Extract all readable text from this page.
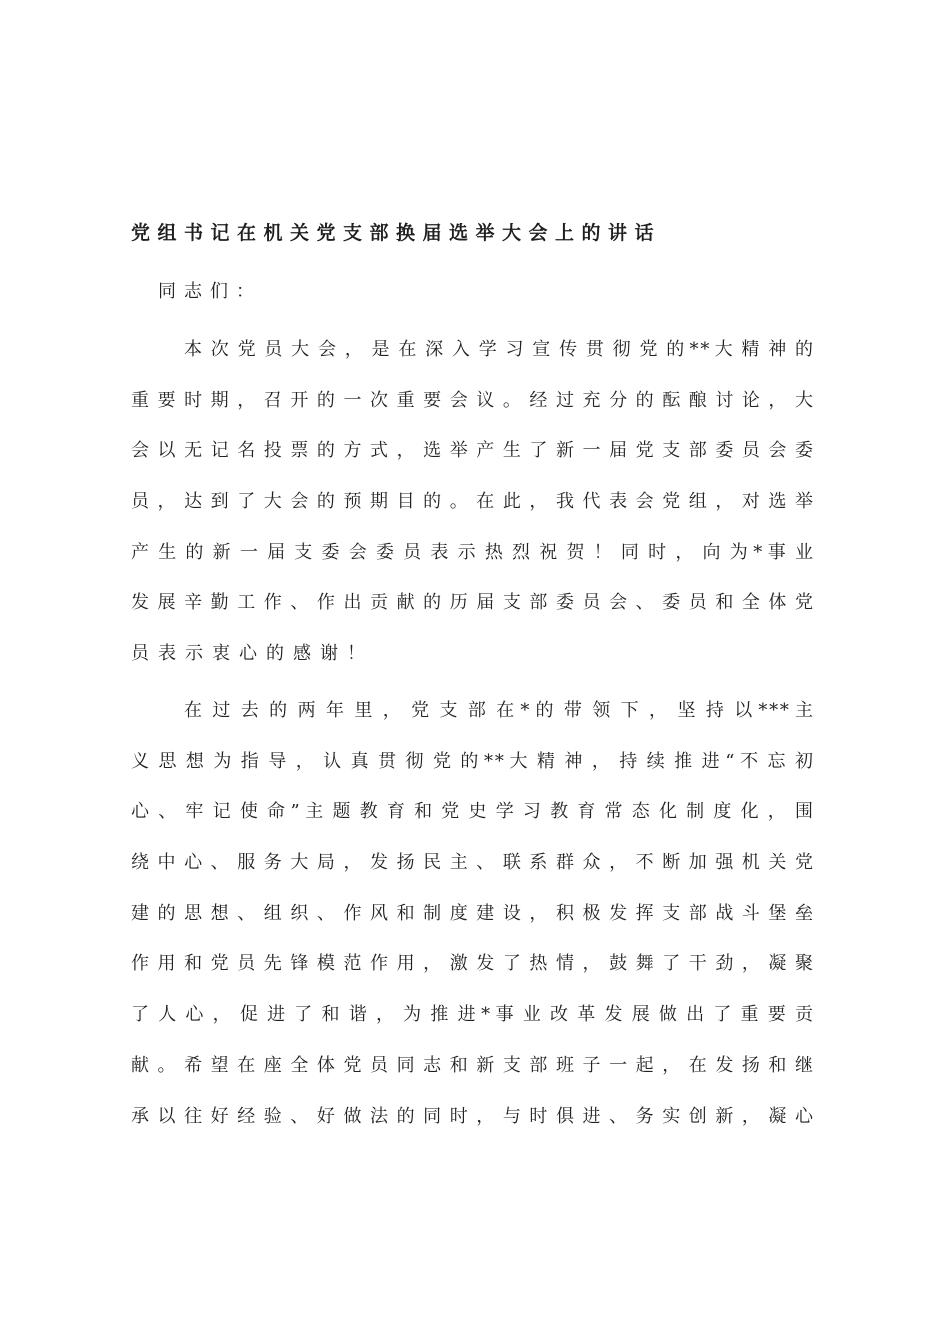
党组书记在机关党支部换届选举大会上的讲话
同志们：
本 次 党 员 大 会 ， 是 在 深 入 学 习 宣 传 贯 彻 党 的 * * 大 精 神 的
重 要 时 期 ， 召 开 的 一 次 重 要 会 议 。 经 过 充 分 的 酝 酿 讨 论 ， 大
会 以 无 记 名 投 票 的 方 式 ， 选 举 产 生 了 新 一 届 党 支 部 委 员 会 委
员 ， 达 到 了 大 会 的 预 期 目 的 。 在 此 ， 我 代 表 会 党 组 ， 对 选 举
产 生 的 新 一 届 支 委 会 委 员 表 示 热 烈 祝 贺 ！ 同 时 ， 向 为 * 事 业
发 展 辛 勤 工 作 、 作 出 贡 献 的 历 届 支 部 委 员 会 、 委 员 和 全 体 党
员表示衷心的感谢！
在 过 去 的 两 年 里 ， 党 支 部 在 * 的 带 领 下 ， 坚 持 以 * * * 主
义 思 想 为 指 导 ， 认 真 贯 彻 党 的 * * 大 精 神 ， 持 续 推 进 “ 不 忘 初
心 、 牢 记 使 命 ” 主 题 教 育 和 党 史 学 习 教 育 常 态 化 制 度 化 ， 围
绕 中 心 、 服 务 大 局 ， 发 扬 民 主 、 联 系 群 众 ， 不 断 加 强 机 关 党
建 的 思 想 、 组 织 、 作 风 和 制 度 建 设 ， 积 极 发 挥 支 部 战 斗 堡 垒
作 用 和 党 员 先 锋 模 范 作 用 ， 激 发 了 热 情 ， 鼓 舞 了 干 劲 ， 凝 聚
了 人 心 ， 促 进 了 和 谐 ， 为 推 进 * 事 业 改 革 发 展 做 出 了 重 要 贡
献 。 希 望 在 座 全 体 党 员 同 志 和 新 支 部 班 子 一 起 ， 在 发 扬 和 继
承 以 往 好 经 验 、 好 做 法 的 同 时 ， 与 时 俱 进 、 务 实 创 新 ， 凝 心
